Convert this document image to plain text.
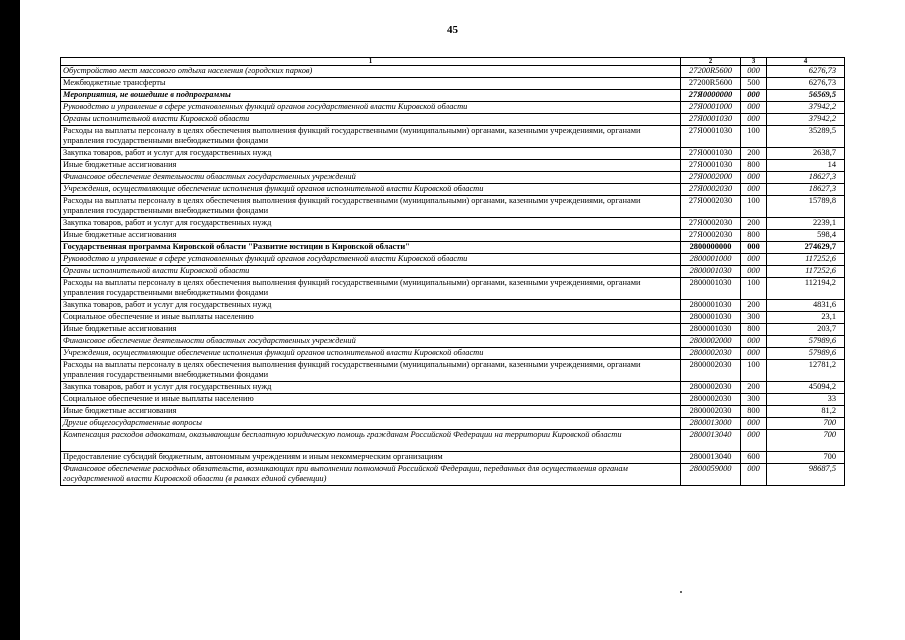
45
1	2	3	4
Обустройство мест массового отдыха населения (городских парков)	27200R5600	000	6276,73
Межбюджетные трансферты	27200R5600	500	6276,73
Мероприятия, не вошедшие в подпрограммы	27Я0000000	000	56569,5
Руководство и управление в сфере установленных функций органов государственной власти Кировской области	27Я0001000	000	37942,2
Органы исполнительной власти Кировской области	27Я0001030	000	37942,2
Расходы на выплаты персоналу в целях обеспечения выполнения функций государственными (муниципальными) органами, казенными учреждениями, органами управления государственными внебюджетными фондами	27Я0001030	100	35289,5
Закупка товаров, работ и услуг для государственных нужд	27Я0001030	200	2638,7
Иные бюджетные ассигнования	27Я0001030	800	14
Финансовое обеспечение деятельности областных государственных учреждений	27Я0002000	000	18627,3
Учреждения, осуществляющие обеспечение исполнения функций органов исполнительной власти Кировской области	27Я0002030	000	18627,3
Расходы на выплаты персоналу в целях обеспечения выполнения функций государственными (муниципальными) органами, казенными учреждениями, органами управления государственными внебюджетными фондами	27Я0002030	100	15789,8
Закупка товаров, работ и услуг для государственных нужд	27Я0002030	200	2239,1
Иные бюджетные ассигнования	27Я0002030	800	598,4
Государственная программа Кировской области "Развитие юстиции в Кировской области"	2800000000	000	274629,7
Руководство и управление в сфере установленных функций органов государственной власти Кировской области	2800001000	000	117252,6
Органы исполнительной власти Кировской области	2800001030	000	117252,6
Расходы на выплаты персоналу в целях обеспечения выполнения функций государственными (муниципальными) органами, казенными учреждениями, органами управления государственными внебюджетными фондами	2800001030	100	112194,2
Закупка товаров, работ и услуг для государственных нужд	2800001030	200	4831,6
Социальное обеспечение и иные выплаты населению	2800001030	300	23,1
Иные бюджетные ассигнования	2800001030	800	203,7
Финансовое обеспечение деятельности областных государственных учреждений	2800002000	000	57989,6
Учреждения, осуществляющие обеспечение исполнения функций органов исполнительной власти Кировской области	2800002030	000	57989,6
Расходы на выплаты персоналу в целях обеспечения выполнения функций государственными (муниципальными) органами, казенными учреждениями, органами управления государственными внебюджетными фондами	2800002030	100	12781,2
Закупка товаров, работ и услуг для государственных нужд	2800002030	200	45094,2
Социальное обеспечение и иные выплаты населению	2800002030	300	33
Иные бюджетные ассигнования	2800002030	800	81,2
Другие общегосударственные вопросы	2800013000	000	700
Компенсация расходов адвокатам, оказывающим бесплатную юридическую помощь гражданам Российской Федерации на территории Кировской области	2800013040	000	700
Предоставление субсидий бюджетным, автономным учреждениям и иным некоммерческим организациям	2800013040	600	700
Финансовое обеспечение расходных обязательств, возникающих при выполнении полномочий Российской Федерации, переданных для осуществления органам государственной власти Кировской области (в рамках единой субвенции)	2800059000	000	98687,5
